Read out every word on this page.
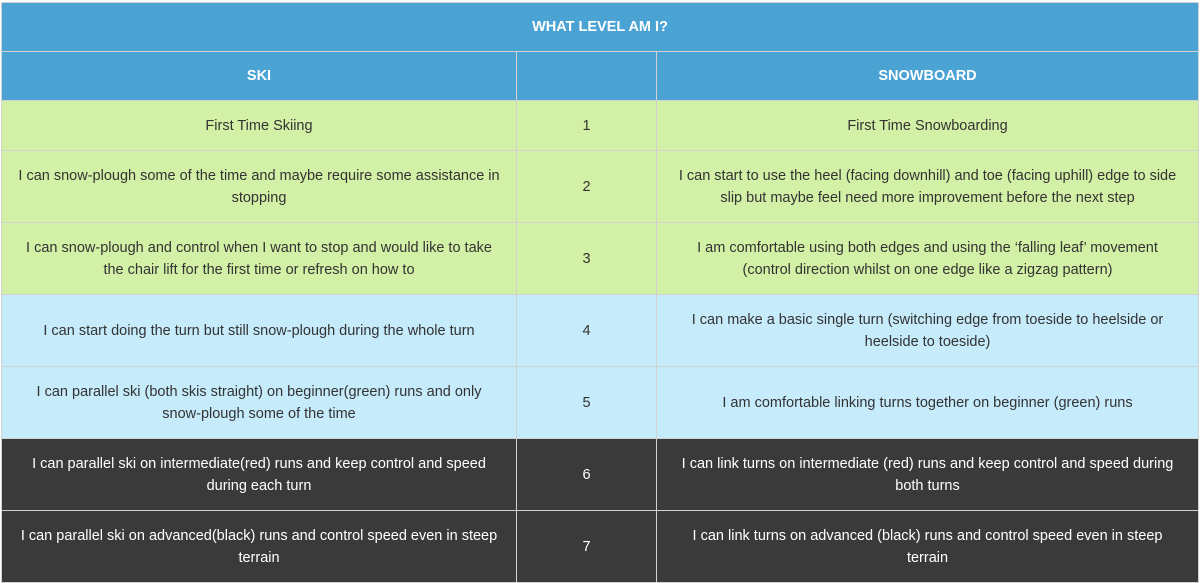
WHAT LEVEL AM I?		
SKI		SNOWBOARD
First Time Skiing	1	First Time Snowboarding
I can snow-plough some of the time and maybe require some assistance in stopping	2	I can start to use the heel (facing downhill) and toe (facing uphill) edge to side slip but maybe feel need more improvement before the next step
I can snow-plough and control when I want to stop and would like to take the chair lift for the first time or refresh on how to	3	I am comfortable using both edges and using the ‘falling leaf’ movement (control direction whilst on one edge like a zigzag pattern)
I can start doing the turn but still snow-plough during the whole turn	4	I can make a basic single turn (switching edge from toeside to heelside or heelside to toeside)
I can parallel ski (both skis straight) on beginner(green) runs and only snow-plough some of the time	5	I am comfortable linking turns together on beginner (green) runs
I can parallel ski on intermediate(red) runs and keep control and speed during each turn	6	I can link turns on intermediate (red) runs and keep control and speed during both turns
I can parallel ski on advanced(black) runs and control speed even in steep terrain	7	I can link turns on advanced (black) runs and control speed even in steep terrain
